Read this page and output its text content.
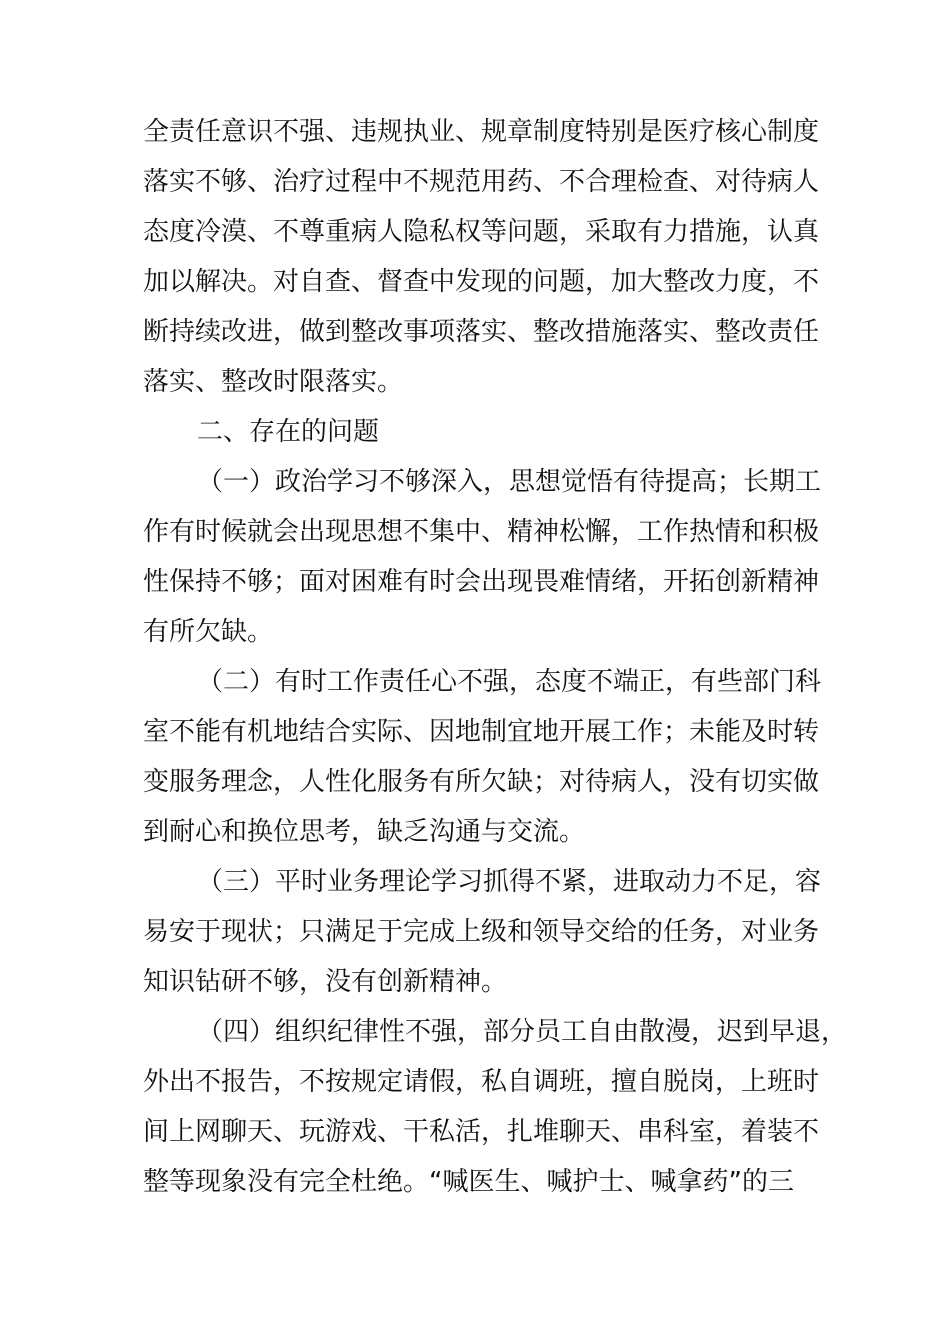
全责任意识不强、违规执业、规章制度特别是医疗核心制度
落实不够、治疗过程中不规范用药、不合理检查、对待病人
态度冷漠、不尊重病人隐私权等问题，采取有力措施，认真
加以解决。对自查、督查中发现的问题，加大整改力度，不
断持续改进，做到整改事项落实、整改措施落实、整改责任
落实、整改时限落实。
二、存在的问题
（一）政治学习不够深入，思想觉悟有待提高；长期工
作有时候就会出现思想不集中、精神松懈，工作热情和积极
性保持不够；面对困难有时会出现畏难情绪，开拓创新精神
有所欠缺。
（二）有时工作责任心不强，态度不端正，有些部门科
室不能有机地结合实际、因地制宜地开展工作；未能及时转
变服务理念，人性化服务有所欠缺；对待病人，没有切实做
到耐心和换位思考，缺乏沟通与交流。
（三）平时业务理论学习抓得不紧，进取动力不足，容
易安于现状；只满足于完成上级和领导交给的任务，对业务
知识钻研不够，没有创新精神。
（四）组织纪律性不强，部分员工自由散漫，迟到早退，
外出不报告，不按规定请假，私自调班，擅自脱岗，上班时
间上网聊天、玩游戏、干私活，扎堆聊天、串科室，着装不
整等现象没有完全杜绝。“喊医生、喊护士、喊拿药”的三
